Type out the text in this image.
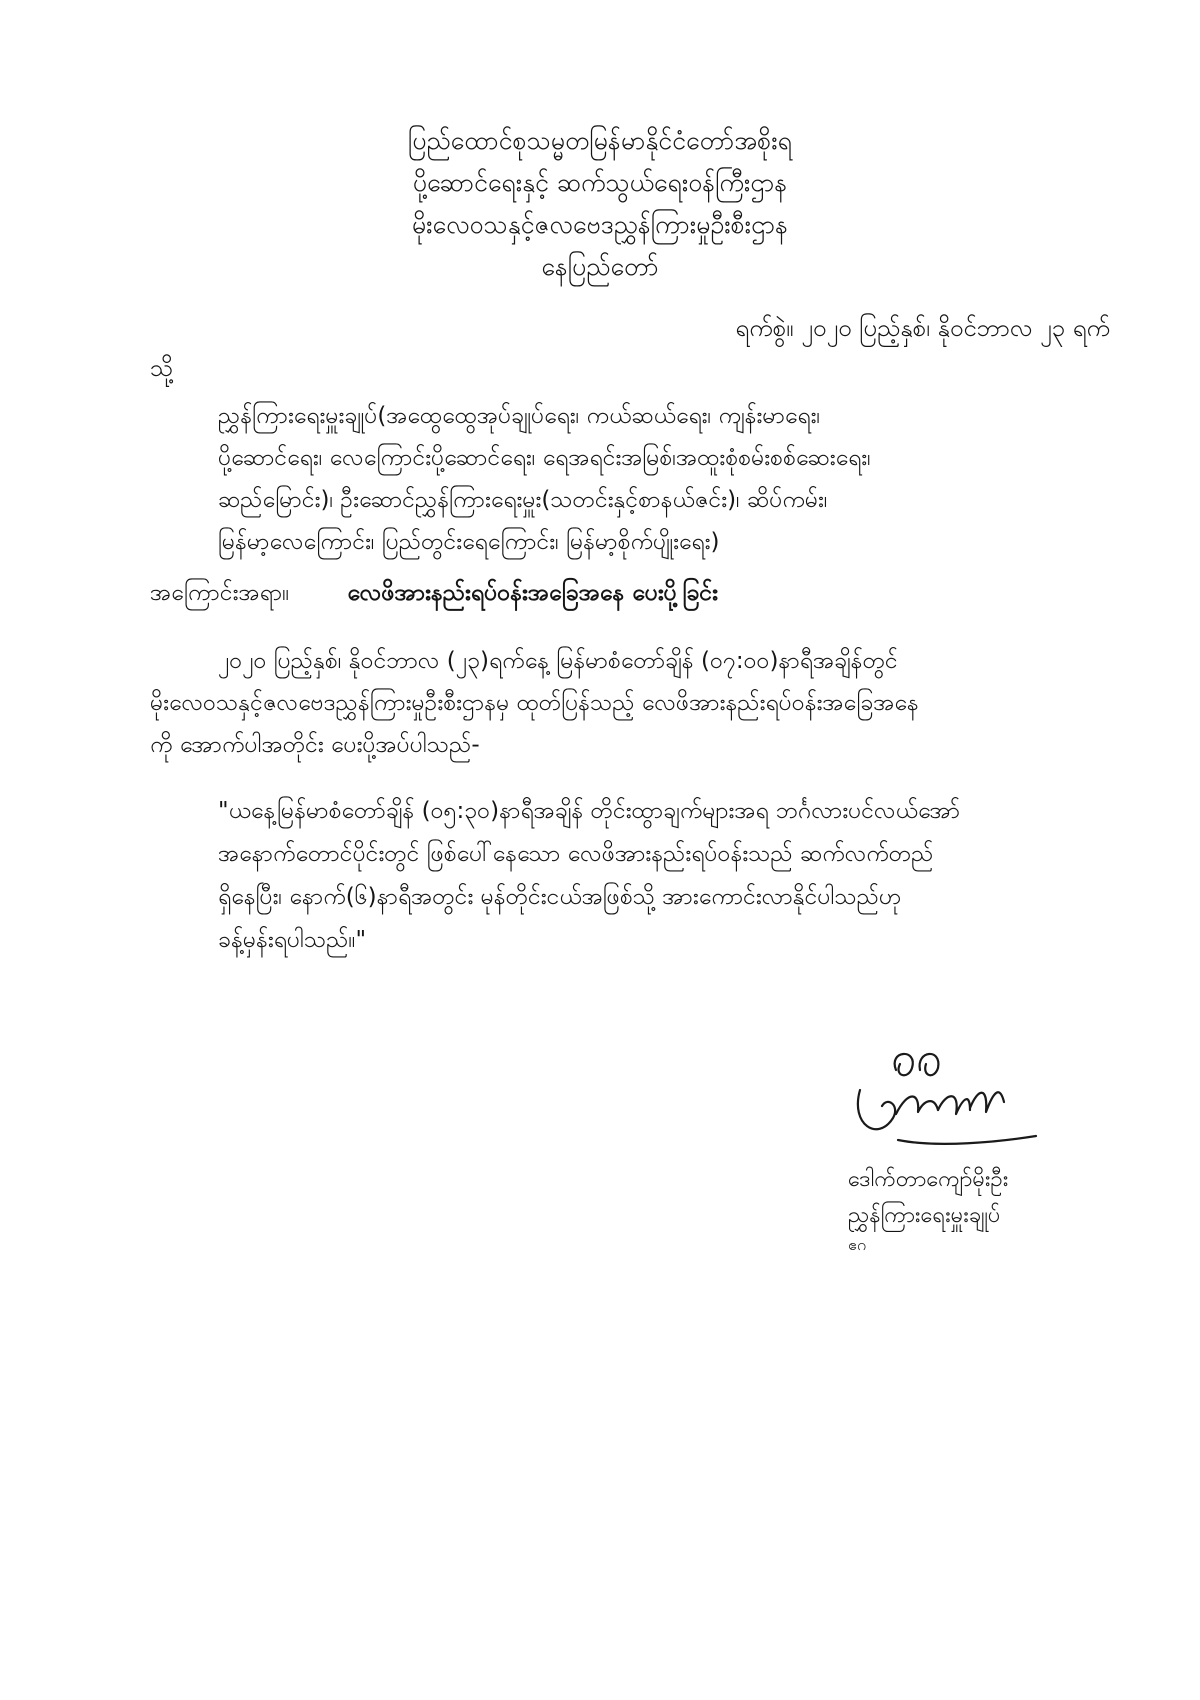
ပြည်ထောင်စုသမ္မတမြန်မာနိုင်ငံတော်အစိုးရ
ပို့ဆောင်ရေးနှင့် ဆက်သွယ်ရေးဝန်ကြီးဌာန
မိုးလေဝသနှင့်ဇလဗေဒညွှန်ကြားမှုဦးစီးဌာန
နေပြည်တော်
ရက်စွဲ။ ၂၀၂၀ ပြည့်နှစ်၊ နိုဝင်ဘာလ ၂၃ ရက်
သို့
ညွှန်ကြားရေးမှူးချုပ်(အထွေထွေအုပ်ချုပ်ရေး၊ ကယ်ဆယ်ရေး၊ ကျန်းမာရေး၊
ပို့ဆောင်ရေး၊ လေကြောင်းပို့ဆောင်ရေး၊ ရေအရင်းအမြစ်၊အထူးစုံစမ်းစစ်ဆေးရေး၊
ဆည်မြောင်း)၊ ဦးဆောင်ညွှန်ကြားရေးမှူး(သတင်းနှင့်စာနယ်ဇင်း)၊ ဆိပ်ကမ်း၊
မြန်မာ့လေကြောင်း၊ ပြည်တွင်းရေကြောင်း၊ မြန်မာ့စိုက်ပျိုးရေး)
အကြောင်းအရာ။	လေဖိအားနည်းရပ်ဝန်းအခြေအနေ ပေးပို့ခြင်း
၂၀၂၀ ပြည့်နှစ်၊ နိုဝင်ဘာလ (၂၃)ရက်နေ့ မြန်မာစံတော်ချိန် (၀၇:၀၀)နာရီအချိန်တွင်
မိုးလေဝသနှင့်ဇလဗေဒညွှန်ကြားမှုဦးစီးဌာနမှ ထုတ်ပြန်သည့် လေဖိအားနည်းရပ်ဝန်းအခြေအနေ
ကို အောက်ပါအတိုင်း ပေးပို့အပ်ပါသည်-
"ယနေ့မြန်မာစံတော်ချိန် (၀၅:၃၀)နာရီအချိန် တိုင်းထွာချက်များအရ ဘင်္ဂလားပင်လယ်အော်
အနောက်တောင်ပိုင်းတွင် ဖြစ်ပေါ်နေသော လေဖိအားနည်းရပ်ဝန်းသည် ဆက်လက်တည်
ရှိနေပြီး၊ နောက်(၆)နာရီအတွင်း မုန်တိုင်းငယ်အဖြစ်သို့ အားကောင်းလာနိုင်ပါသည်ဟု
ခန့်မှန်းရပါသည်။"
ဒေါက်တာကျော်မိုးဦး
ညွှန်ကြားရေးမှူးချုပ်
ဧဂ
